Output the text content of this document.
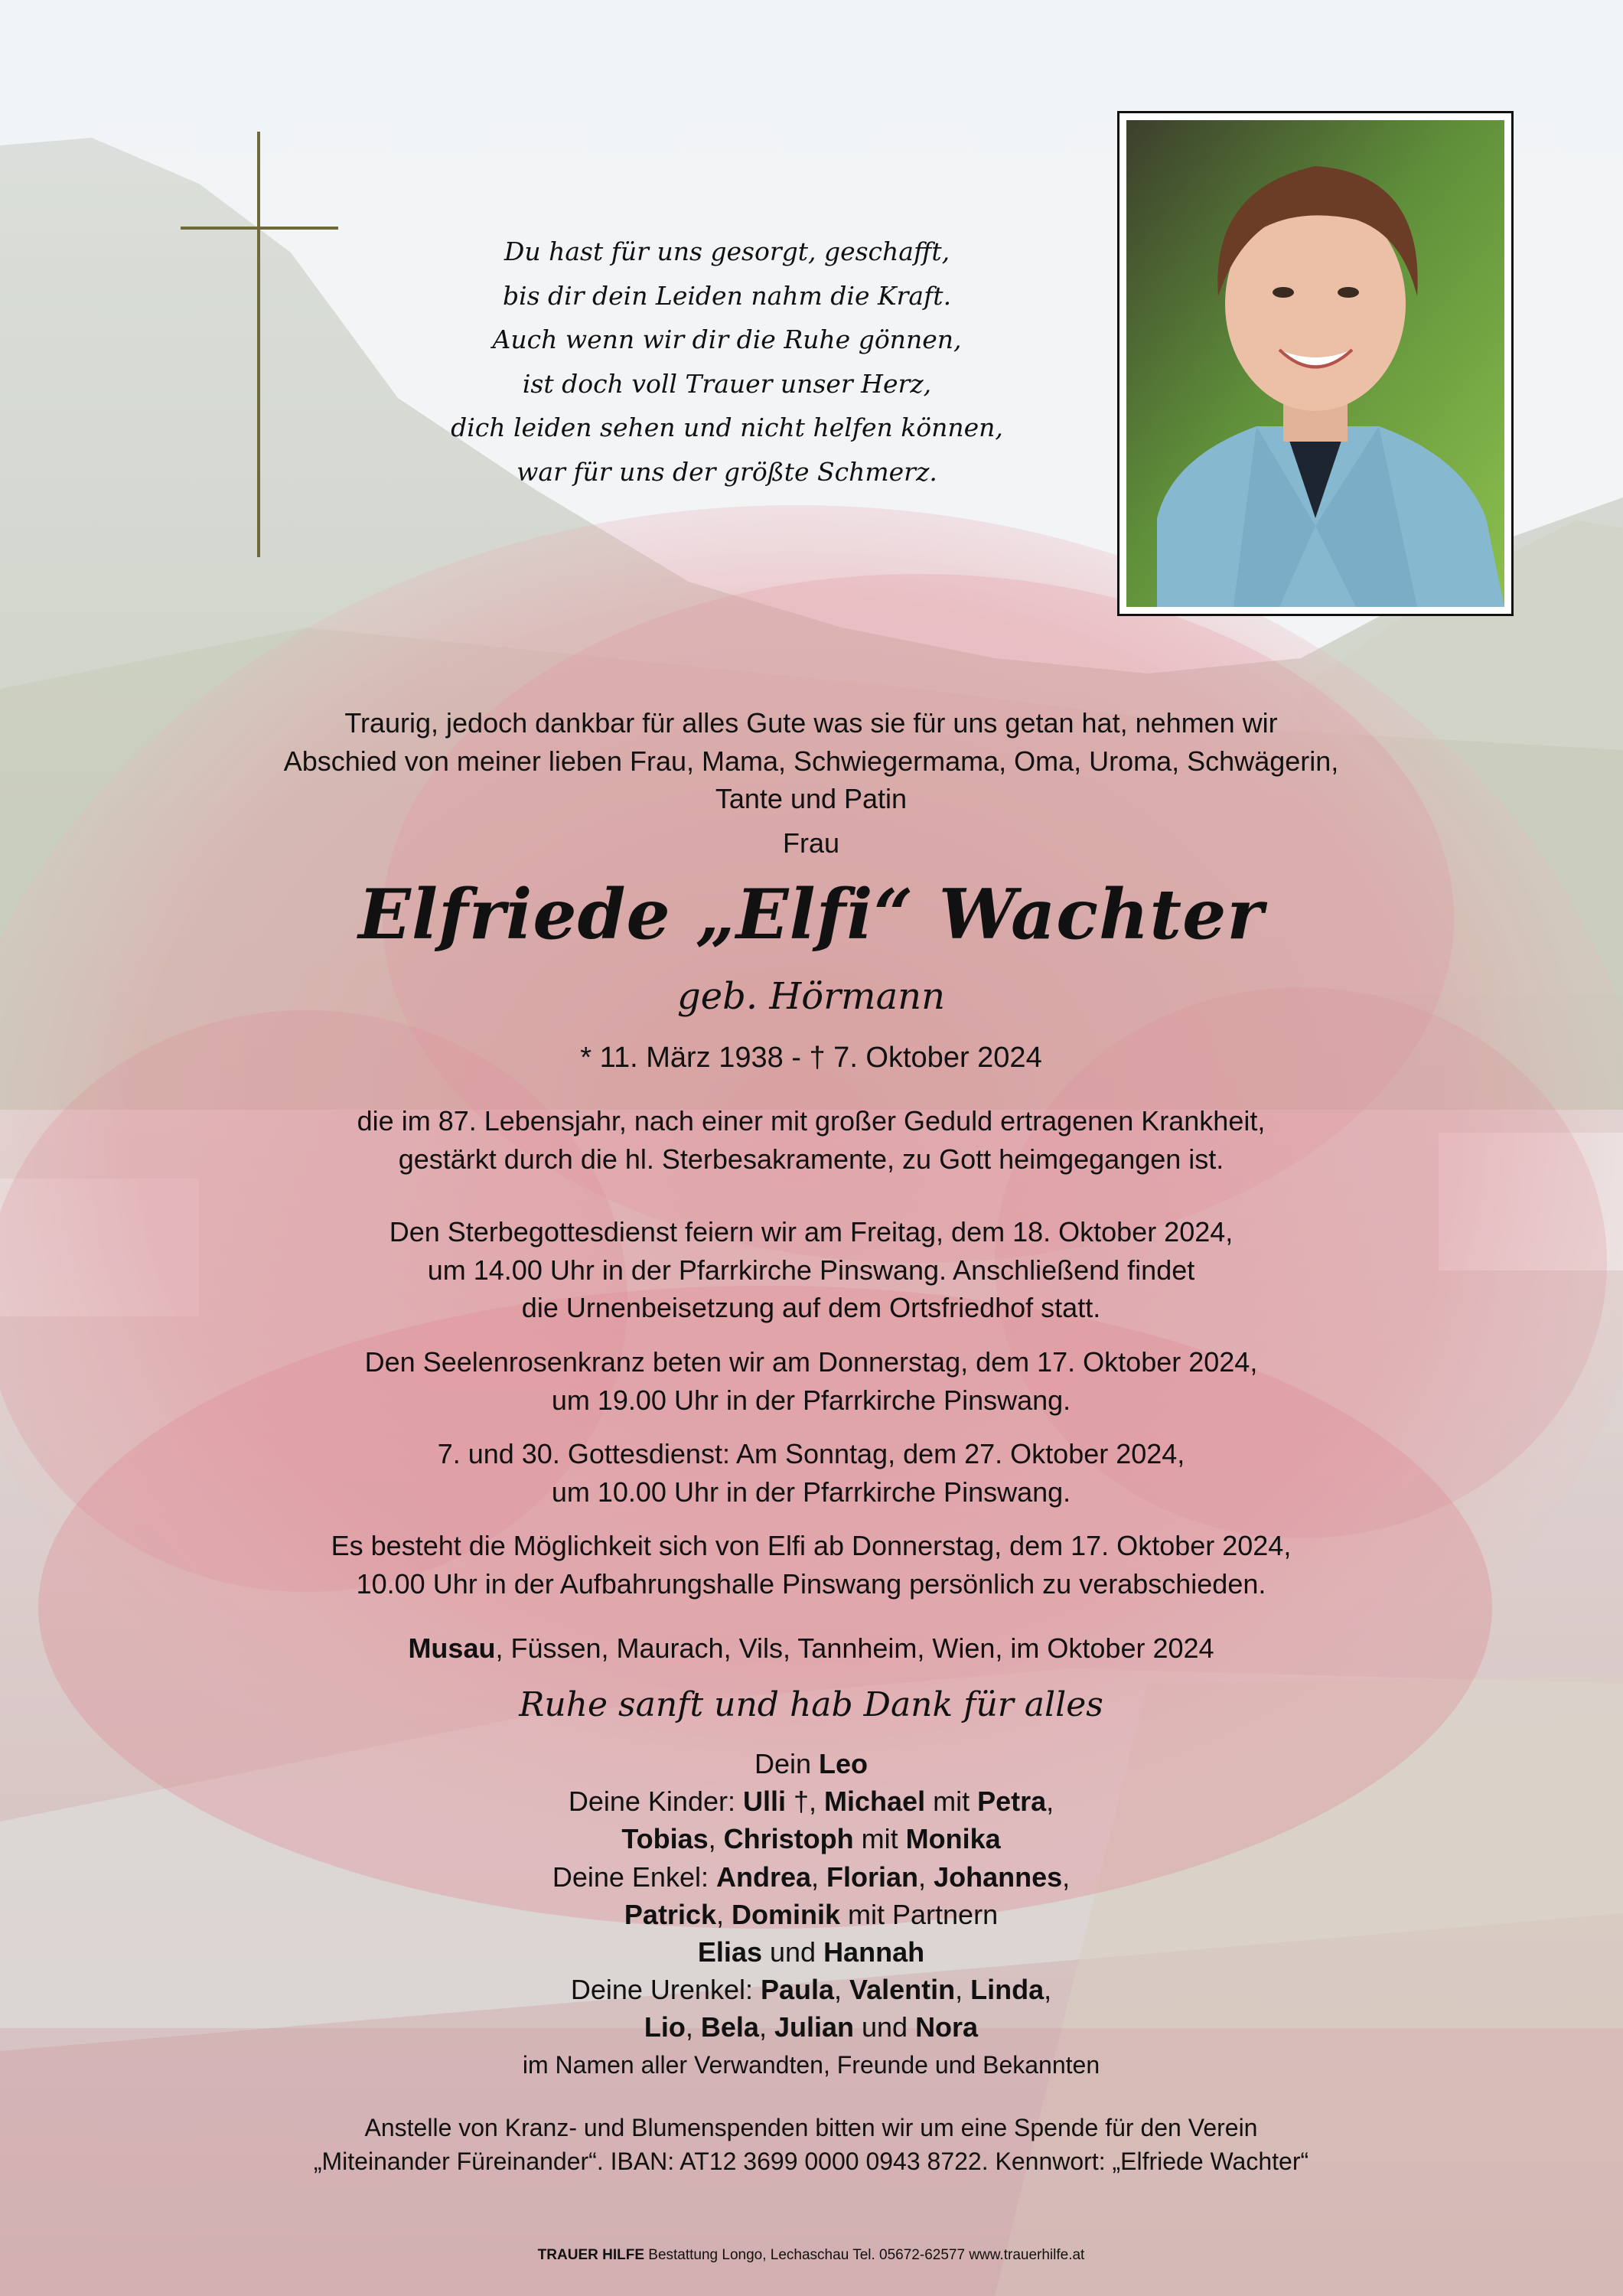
Du hast für uns gesorgt, geschafft,
bis dir dein Leiden nahm die Kraft.
Auch wenn wir dir die Ruhe gönnen,
ist doch voll Trauer unser Herz,
dich leiden sehen und nicht helfen können,
war für uns der größte Schmerz.
Traurig, jedoch dankbar für alles Gute was sie für uns getan hat, nehmen wir
Abschied von meiner lieben Frau, Mama, Schwiegermama, Oma, Uroma, Schwägerin,
Tante und Patin
Frau
Elfriede „Elfi“ Wachter
geb. Hörmann
* 11. März 1938 - † 7. Oktober 2024
die im 87. Lebensjahr, nach einer mit großer Geduld ertragenen Krankheit,
gestärkt durch die hl. Sterbesakramente, zu Gott heimgegangen ist.
Den Sterbegottesdienst feiern wir am Freitag, dem 18. Oktober 2024,
um 14.00 Uhr in der Pfarrkirche Pinswang. Anschließend findet
die Urnenbeisetzung auf dem Ortsfriedhof statt.
Den Seelenrosenkranz beten wir am Donnerstag, dem 17. Oktober 2024,
um 19.00 Uhr in der Pfarrkirche Pinswang.
7. und 30. Gottesdienst: Am Sonntag, dem 27. Oktober 2024,
um 10.00 Uhr in der Pfarrkirche Pinswang.
Es besteht die Möglichkeit sich von Elfi ab Donnerstag, dem 17. Oktober 2024,
10.00 Uhr in der Aufbahrungshalle Pinswang persönlich zu verabschieden.
Musau, Füssen, Maurach, Vils, Tannheim, Wien, im Oktober 2024
Ruhe sanft und hab Dank für alles
Dein Leo
Deine Kinder: Ulli †, Michael mit Petra,
Tobias, Christoph mit Monika
Deine Enkel: Andrea, Florian, Johannes,
Patrick, Dominik mit Partnern
Elias und Hannah
Deine Urenkel: Paula, Valentin, Linda,
Lio, Bela, Julian und Nora
im Namen aller Verwandten, Freunde und Bekannten
Anstelle von Kranz- und Blumenspenden bitten wir um eine Spende für den Verein
„Miteinander Füreinander“. IBAN: AT12 3699 0000 0943 8722. Kennwort: „Elfriede Wachter“
TRAUER HILFE Bestattung Longo, Lechaschau Tel. 05672-62577 www.trauerhilfe.at
